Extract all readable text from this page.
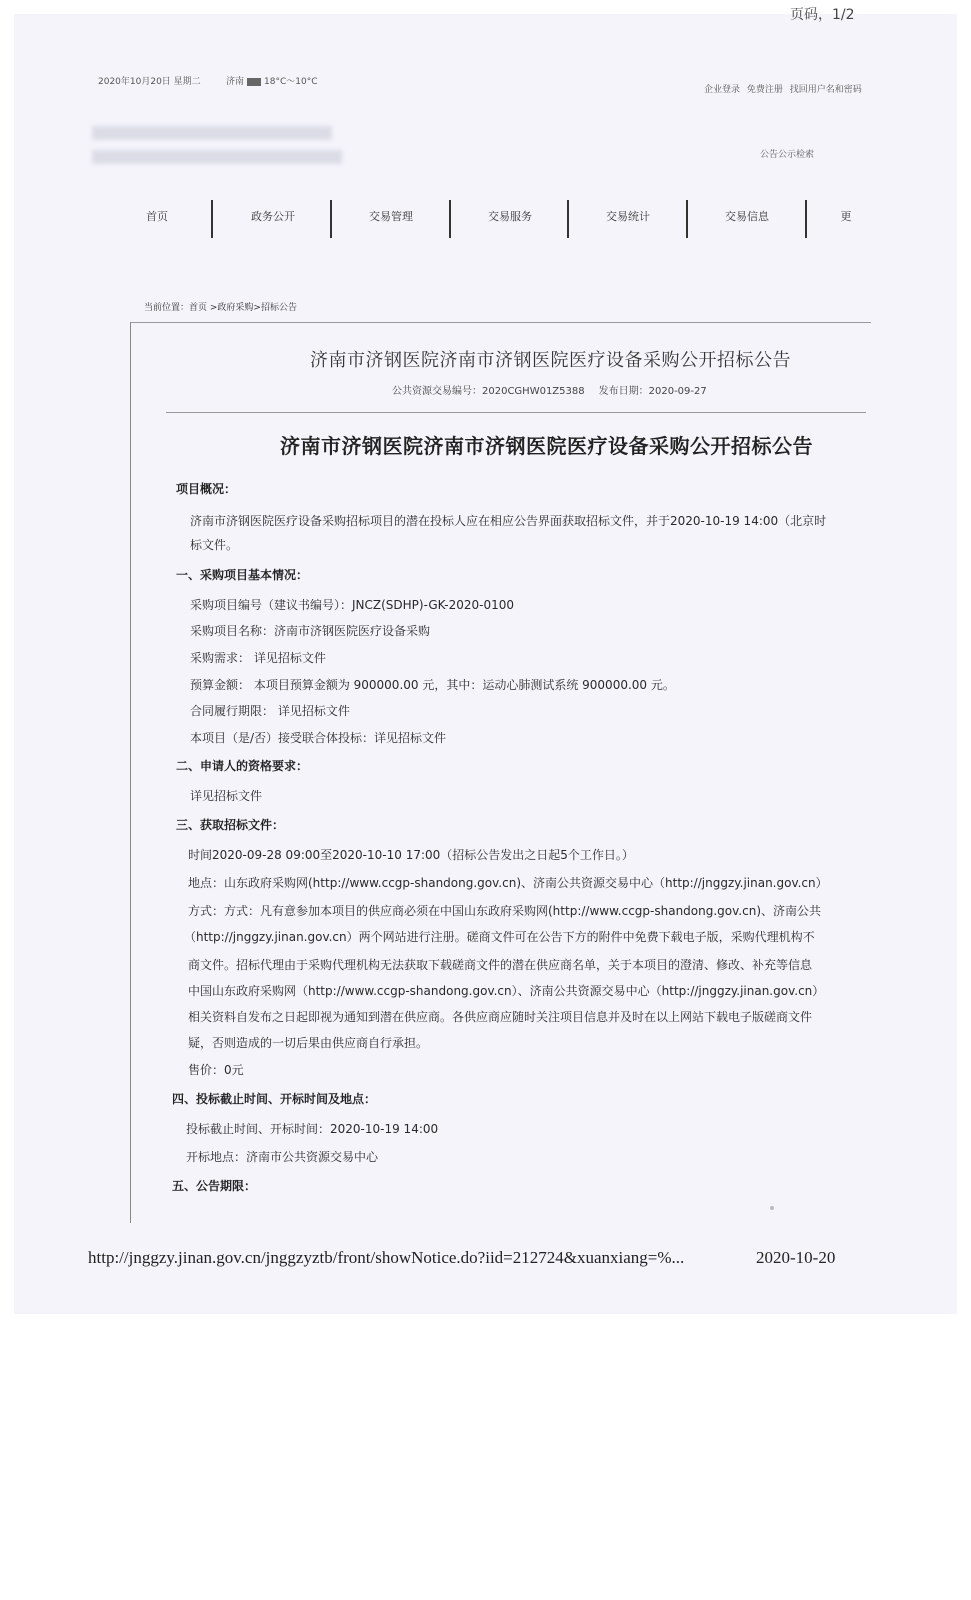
页码，1/2
2020年10月20日 星期二	济南 18°C～10°C
企业登录 免费注册 找回用户名和密码
公告公示检索
首页	政务公开	交易管理	交易服务	交易统计	交易信息	更
当前位置：首页 >政府采购>招标公告
济南市济钢医院济南市济钢医院医疗设备采购公开招标公告
公共资源交易编号：2020CGHW01Z5388 发布日期：2020-09-27
济南市济钢医院济南市济钢医院医疗设备采购公开招标公告
项目概况：
济南市济钢医院医疗设备采购招标项目的潜在投标人应在相应公告界面获取招标文件，并于2020-10-19 14:00（北京时
标文件。
一、采购项目基本情况：
采购项目编号（建议书编号）：JNCZ(SDHP)-GK-2020-0100
采购项目名称：济南市济钢医院医疗设备采购
采购需求： 详见招标文件
预算金额： 本项目预算金额为 900000.00 元，其中：运动心肺测试系统 900000.00 元。
合同履行期限： 详见招标文件
本项目（是/否）接受联合体投标：详见招标文件
二、申请人的资格要求：
详见招标文件
三、获取招标文件：
时间2020-09-28 09:00至2020-10-10 17:00（招标公告发出之日起5个工作日。）
地点：山东政府采购网(http://www.ccgp-shandong.gov.cn)、济南公共资源交易中心（http://jnggzy.jinan.gov.cn）
方式：方式：凡有意参加本项目的供应商必须在中国山东政府采购网(http://www.ccgp-shandong.gov.cn)、济南公共
（http://jnggzy.jinan.gov.cn）两个网站进行注册。磋商文件可在公告下方的附件中免费下载电子版，采购代理机构不
商文件。招标代理由于采购代理机构无法获取下载磋商文件的潜在供应商名单，关于本项目的澄清、修改、补充等信息
中国山东政府采购网（http://www.ccgp-shandong.gov.cn）、济南公共资源交易中心（http://jnggzy.jinan.gov.cn）
相关资料自发布之日起即视为通知到潜在供应商。各供应商应随时关注项目信息并及时在以上网站下载电子版磋商文件
疑，否则造成的一切后果由供应商自行承担。
售价：0元
四、投标截止时间、开标时间及地点：
投标截止时间、开标时间：2020-10-19 14:00
开标地点：济南市公共资源交易中心
五、公告期限：
http://jnggzy.jinan.gov.cn/jnggzyztb/front/showNotice.do?iid=212724&xuanxiang=%...	2020-10-20
